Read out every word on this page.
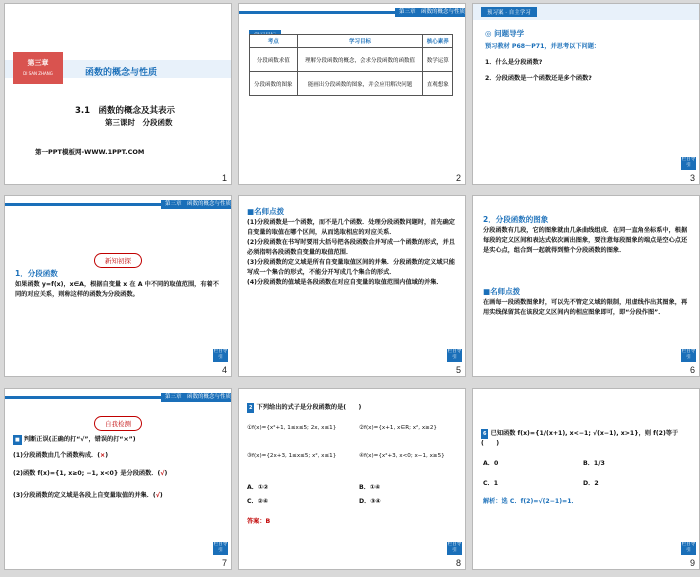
第三章
DI SAN ZHANG	函数的概念与性质
3.1　函数的概念及其表示
第三课时　分段函数
第一PPT模板网-WWW.1PPT.COM
1
第三章　函数的概念与性质
考点	学习目标	核心素养
分段函数求值	理解分段函数的概念，会求分段函数的函数值	数学运算
分段函数的图象	能画出分段函数的图象，并会应用解决问题	直观想象
2
预习案 · 自主学习
◎ 问题导学
预习教材 P68～P71，并思考以下问题：
1．什么是分段函数?
2．分段函数是一个函数还是多个函数?
栏目导引
3
第三章　函数的概念与性质
新知初探
1．分段函数
如果函数 y=f(x)，x∈A，根据自变量 x 在 A 中不同的取值范围，有着不同的对应关系，则称这样的函数为分段函数。
栏目导引
4
■名师点拨
(1)分段函数是一个函数，而不是几个函数．处理分段函数问题时，首先确定自变量的取值在哪个区间，从而选取相应的对应关系．
(2)分段函数在书写时要用大括号把各段函数合并写成一个函数的形式，并且必须指明各段函数自变量的取值范围．
(3)分段函数的定义域是所有自变量取值区间的并集．分段函数的定义域只能写成一个集合的形式，不能分开写成几个集合的形式．
(4)分段函数的值域是各段函数在对应自变量的取值范围内值域的并集．
栏目导引
5
2．分段函数的图象
分段函数有几段，它的图象就由几条曲线组成．在同一直角坐标系中，根据每段的定义区间和表达式依次画出图象，要注意每段图象的端点是空心点还是实心点，组合到一起就得到整个分段函数的图象．
■名师点拨
在画每一段函数图象时，可以先不管定义域的限制，用虚线作出其图象，再用实线保留其在该段定义区间内的相应图象即可，即“分段作图”．
栏目导引
6
第三章　函数的概念与性质
自我检测
■ 判断正误(正确的打“√”，错误的打“×”)
(1)分段函数由几个函数构成．(×)
(2)函数 f(x)={1, x≥0; −1, x<0} 是分段函数．(√)
(3)分段函数的定义域是各段上自变量取值的并集．(√)
栏目导引
7
2 下列给出的式子是分段函数的是(　　)
①f(x)={x²+1, 1≤x≤5; 2x, x≤1}	②f(x)={x+1, x∈R; x², x≥2}
③f(x)={2x+3, 1≤x≤5; x², x≤1}	④f(x)={x²+3, x<0; x−1, x≥5}
A．①②	B．①④
C．②④	D．③④
答案：B
栏目导引
8
6 已知函数 f(x)={1/(x+1), x<−1; √(x−1), x>1}，则 f(2)等于(　　)
A．0	B．1/3
C．1	D．2
解析：选 C．f(2)=√(2−1)=1．
栏目导引
9
